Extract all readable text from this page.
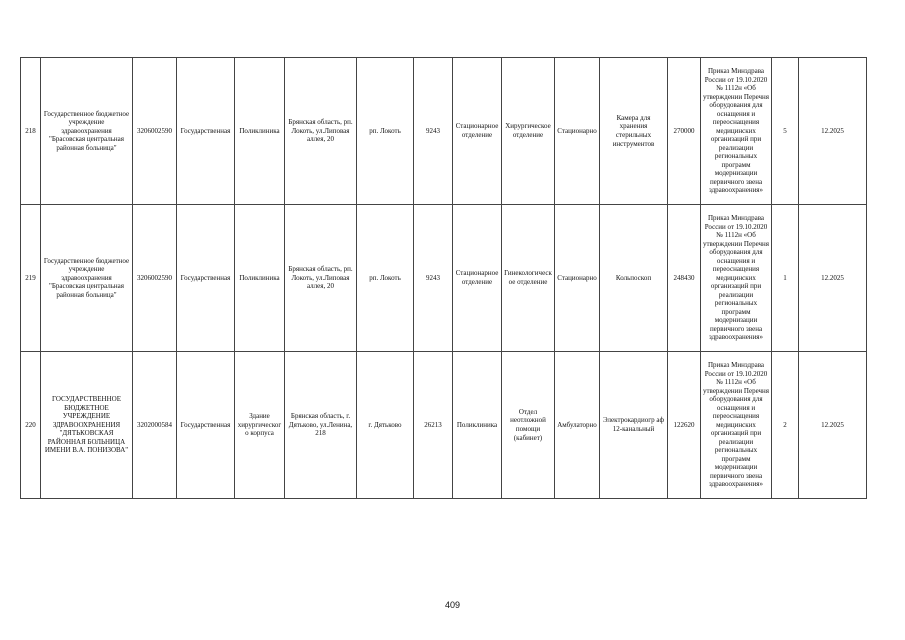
218	Государственное бюджетное учреждение здравоохранения "Брасовская центральная районная больница"	3206002590	Государственная	Поликлиника	Брянская область, рп. Локоть, ул.Липовая аллея, 20	рп. Локоть	9243	Стационарное отделение	Хирургическое отделение	Стационарно	Камера для хранения стерильных инструментов	270000	Приказ Минздрава России от 19.10.2020 № 1112н «Об утверждении Перечня оборудования для оснащения и переоснащения медицинских организаций при реализации региональных программ модернизации первичного звена здравоохранения»	5	12.2025
219	Государственное бюджетное учреждение здравоохранения "Брасовская центральная районная больница"	3206002590	Государственная	Поликлиника	Брянская область, рп. Локоть, ул.Липовая аллея, 20	рп. Локоть	9243	Стационарное отделение	Гинекологическое отделение	Стационарно	Кольпоскоп	248430	Приказ Минздрава России от 19.10.2020 № 1112н «Об утверждении Перечня оборудования для оснащения и переоснащения медицинских организаций при реализации региональных программ модернизации первичного звена здравоохранения»	1	12.2025
220	ГОСУДАРСТВЕННОЕ БЮДЖЕТНОЕ УЧРЕЖДЕНИЕ ЗДРАВООХРАНЕНИЯ "ДЯТЬКОВСКАЯ РАЙОННАЯ БОЛЬНИЦА ИМЕНИ В.А. ПОНИЗОВА"	3202000584	Государственная	Здание хирургическог о корпуса	Брянская область, г. Дятьково, ул.Ленина, 218	г. Дятьково	26213	Поликлиника	Отдел неотложной помощи (кабинет)	Амбулаторно	Электрокардиогр аф 12-канальный	122620	Приказ Минздрава России от 19.10.2020 № 1112н «Об утверждении Перечня оборудования для оснащения и переоснащения медицинских организаций при реализации региональных программ модернизации первичного звена здравоохранения»	2	12.2025
409
